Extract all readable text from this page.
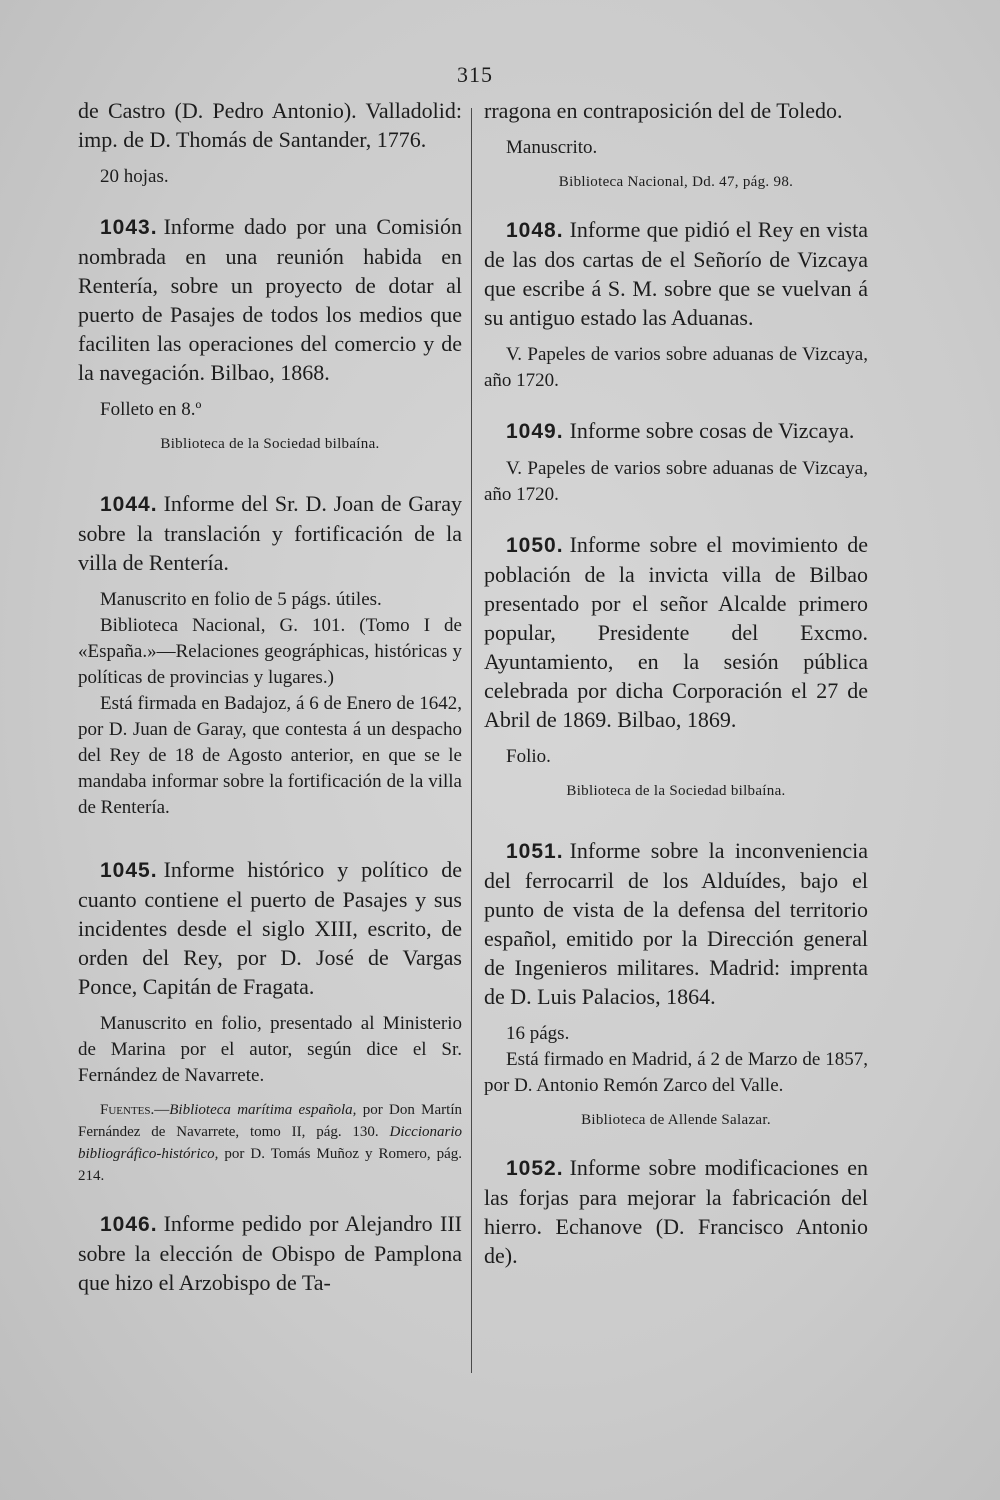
315

de Castro (D. Pedro Antonio). Valladolid: imp. de D. Thomás de Santander, 1776.

20 hojas.

1043. Informe dado por una Comisión nombrada en una reunión habida en Rentería, sobre un proyecto de dotar al puerto de Pasajes de todos los medios que faciliten las operaciones del comercio y de la navegación. Bilbao, 1868.

Folleto en 8.º

Biblioteca de la Sociedad bilbaína.

1044. Informe del Sr. D. Joan de Garay sobre la translación y fortificación de la villa de Rentería.

Manuscrito en folio de 5 págs. útiles.

Biblioteca Nacional, G. 101. (Tomo I de «España.»—Relaciones geográphicas, históricas y políticas de provincias y lugares.)

Está firmada en Badajoz, á 6 de Enero de 1642, por D. Juan de Garay, que contesta á un despacho del Rey de 18 de Agosto anterior, en que se le mandaba informar sobre la fortificación de la villa de Rentería.

1045. Informe histórico y político de cuanto contiene el puerto de Pasajes y sus incidentes desde el siglo XIII, escrito, de orden del Rey, por D. José de Vargas Ponce, Capitán de Fragata.

Manuscrito en folio, presentado al Ministerio de Marina por el autor, según dice el Sr. Fernández de Navarrete.

Fuentes.—Biblioteca marítima española, por Don Martín Fernández de Navarrete, tomo II, pág. 130. Diccionario bibliográfico-histórico, por D. Tomás Muñoz y Romero, pág. 214.

1046. Informe pedido por Alejandro III sobre la elección de Obispo de Pamplona que hizo el Arzobispo de Ta-

rragona en contraposición del de Toledo.

Manuscrito.

Biblioteca Nacional, Dd. 47, pág. 98.

1048. Informe que pidió el Rey en vista de las dos cartas de el Señorío de Vizcaya que escribe á S. M. sobre que se vuelvan á su antiguo estado las Aduanas.

V. Papeles de varios sobre aduanas de Vizcaya, año 1720.

1049. Informe sobre cosas de Vizcaya.

V. Papeles de varios sobre aduanas de Vizcaya, año 1720.

1050. Informe sobre el movimiento de población de la invicta villa de Bilbao presentado por el señor Alcalde primero popular, Presidente del Excmo. Ayuntamiento, en la sesión pública celebrada por dicha Corporación el 27 de Abril de 1869. Bilbao, 1869.

Folio.

Biblioteca de la Sociedad bilbaína.

1051. Informe sobre la inconveniencia del ferrocarril de los Alduídes, bajo el punto de vista de la defensa del territorio español, emitido por la Dirección general de Ingenieros militares. Madrid: imprenta de D. Luis Palacios, 1864.

16 págs.

Está firmado en Madrid, á 2 de Marzo de 1857, por D. Antonio Remón Zarco del Valle.

Biblioteca de Allende Salazar.

1052. Informe sobre modificaciones en las forjas para mejorar la fabricación del hierro. Echanove (D. Francisco Antonio de).
